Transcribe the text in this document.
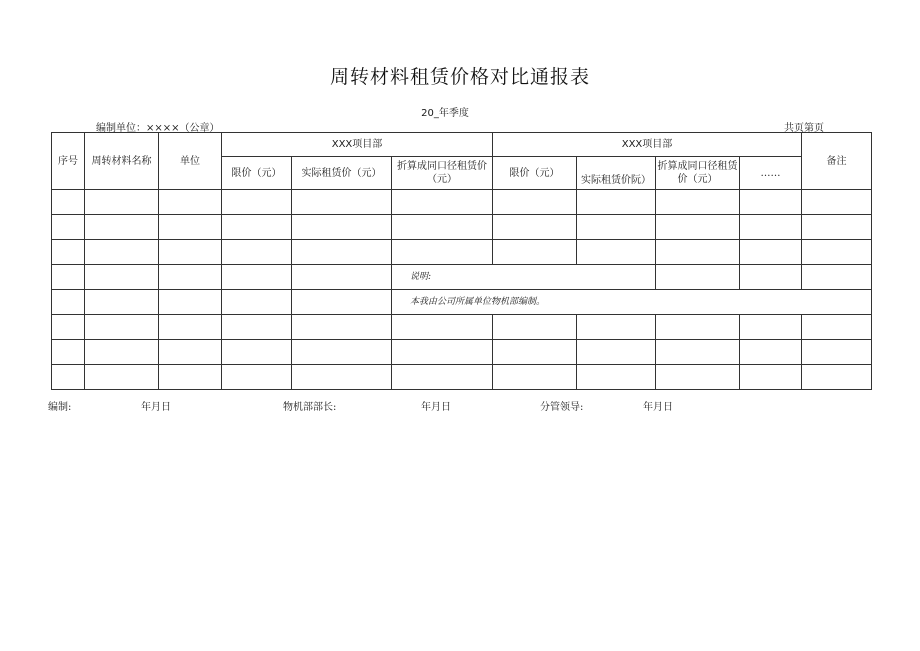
周转材料租赁价格对比通报表
20_年季度
编制单位：××××（公章）	共页第页
序号	周转材料名称	单位	XXX项目部			XXX项目部				备注
			限价（元）	实际租赁价（元）	折算成同口径租赁价（元）	限价（元）	实际租赁价阮）	折算成同口径租赁价（元）	……	

					说明:					
					本我由公司所属单位物机部编制。					

编制:	年月日	物机部部长:	年月日	分管领导:	年月日
